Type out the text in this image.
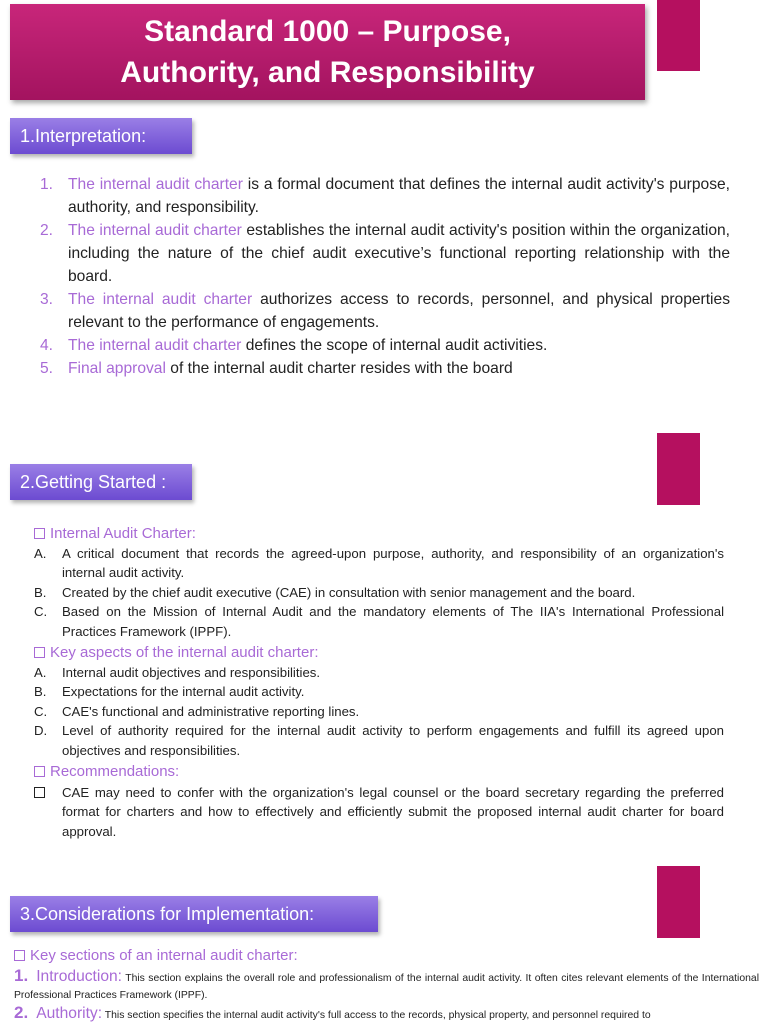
Standard 1000 – Purpose,
Authority, and Responsibility
1.Interpretation:
1. The internal audit charter is a formal document that defines the internal audit activity's purpose, authority, and responsibility.
2. The internal audit charter establishes the internal audit activity's position within the organization, including the nature of the chief audit executive’s functional reporting relationship with the board.
3. The internal audit charter authorizes access to records, personnel, and physical properties relevant to the performance of engagements.
4. The internal audit charter defines the scope of internal audit activities.
5. Final approval of the internal audit charter resides with the board
2.Getting Started :
Internal Audit Charter:
A. A critical document that records the agreed-upon purpose, authority, and responsibility of an organization's internal audit activity.
B. Created by the chief audit executive (CAE) in consultation with senior management and the board.
C. Based on the Mission of Internal Audit and the mandatory elements of The IIA's International Professional Practices Framework (IPPF).
Key aspects of the internal audit charter:
A. Internal audit objectives and responsibilities.
B. Expectations for the internal audit activity.
C. CAE's functional and administrative reporting lines.
D. Level of authority required for the internal audit activity to perform engagements and fulfill its agreed upon objectives and responsibilities.
Recommendations:
CAE may need to confer with the organization's legal counsel or the board secretary regarding the preferred format for charters and how to effectively and efficiently submit the proposed internal audit charter for board approval.
3.Considerations for Implementation:
Key sections of an internal audit charter:
1. Introduction: This section explains the overall role and professionalism of the internal audit activity. It often cites relevant elements of the International Professional Practices Framework (IPPF).
2. Authority: This section specifies the internal audit activity's full access to the records, physical property, and personnel required to
